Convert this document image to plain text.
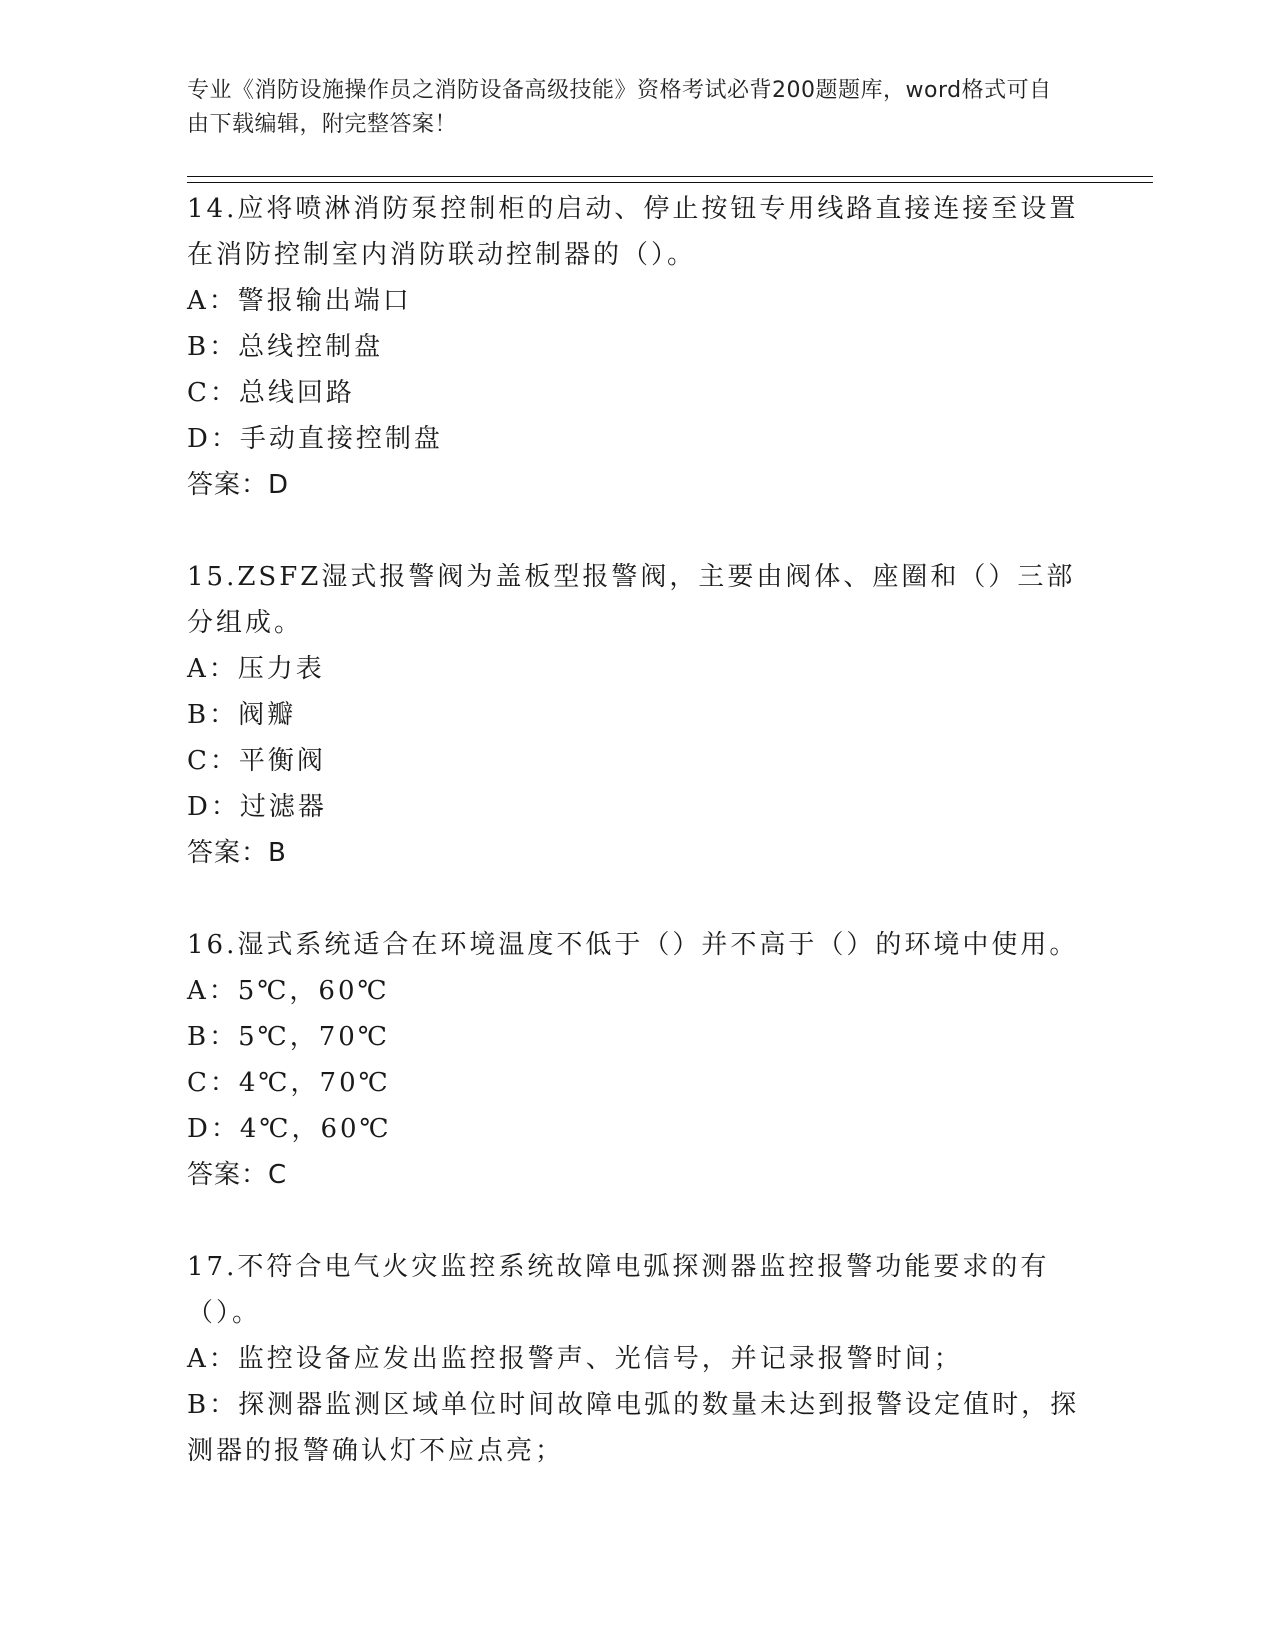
专业《消防设施操作员之消防设备高级技能》资格考试必背200题题库，word格式可自由下载编辑，附完整答案！

14.应将喷淋消防泵控制柜的启动、停止按钮专用线路直接连接至设置在消防控制室内消防联动控制器的（）。

A：警报输出端口

B：总线控制盘

C：总线回路

D：手动直接控制盘

答案：D

15.ZSFZ湿式报警阀为盖板型报警阀，主要由阀体、座圈和（）三部分组成。

A：压力表

B：阀瓣

C：平衡阀

D：过滤器

答案：B

16.湿式系统适合在环境温度不低于（）并不高于（）的环境中使用。

A：5℃，60℃

B：5℃，70℃

C：4℃，70℃

D：4℃，60℃

答案：C

17.不符合电气火灾监控系统故障电弧探测器监控报警功能要求的有（）。

A：监控设备应发出监控报警声、光信号，并记录报警时间；

B：探测器监测区域单位时间故障电弧的数量未达到报警设定值时，探测器的报警确认灯不应点亮；
